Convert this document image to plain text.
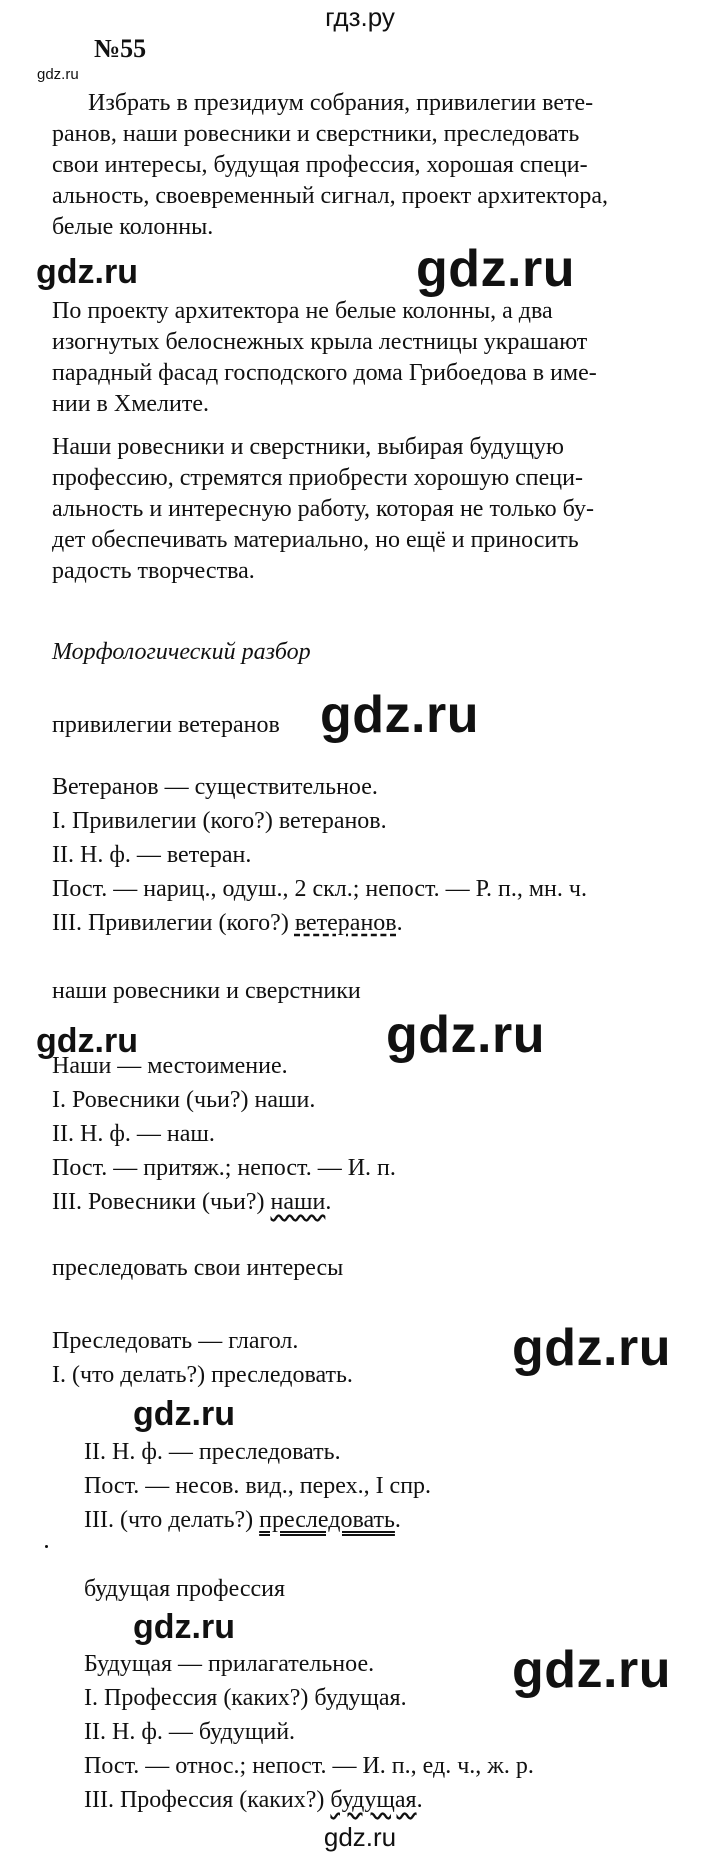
гдз.ру
gdz.ru
№55
Избрать в президиум собрания, привилегии вете-
ранов, наши ровесники и сверстники, преследовать
свои интересы, будущая профессия, хорошая специ-
альность, своевременный сигнал, проект архитектора,
белые колонны.
gdz.ru	gdz.ru
По проекту архитектора не белые колонны, а два
изогнутых белоснежных крыла лестницы украшают
парадный фасад господского дома Грибоедова в име-
нии в Хмелите.
Наши ровесники и сверстники, выбирая будущую
профессию, стремятся приобрести хорошую специ-
альность и интересную работу, которая не только бу-
дет обеспечивать материально, но ещё и приносить
радость творчества.
Морфологический разбор
привилегии ветеранов gdz.ru
Ветеранов — существительное.
I. Привилегии (кого?) ветеранов.
II. Н. ф. — ветеран.
Пост. — нариц., одуш., 2 скл.; непост. — Р. п., мн. ч.
III. Привилегии (кого?) ветеранов.
наши ровесники и сверстники
gdz.ru	gdz.ru
Наши — местоимение.
I. Ровесники (чьи?) наши.
II. Н. ф. — наш.
Пост. — притяж.; непост. — И. п.
III. Ровесники (чьи?) наши.
преследовать свои интересы
Преследовать — глагол.	gdz.ru
I. (что делать?) преследовать.
gdz.ru
II. Н. ф. — преследовать.
Пост. — несов. вид., перех., I спр.
III. (что делать?) преследовать.
будущая профессия
gdz.ru
Будущая — прилагательное.	gdz.ru
I. Профессия (каких?) будущая.
II. Н. ф. — будущий.
Пост. — относ.; непост. — И. п., ед. ч., ж. р.
III. Профессия (каких?) будущая.
gdz.ru
